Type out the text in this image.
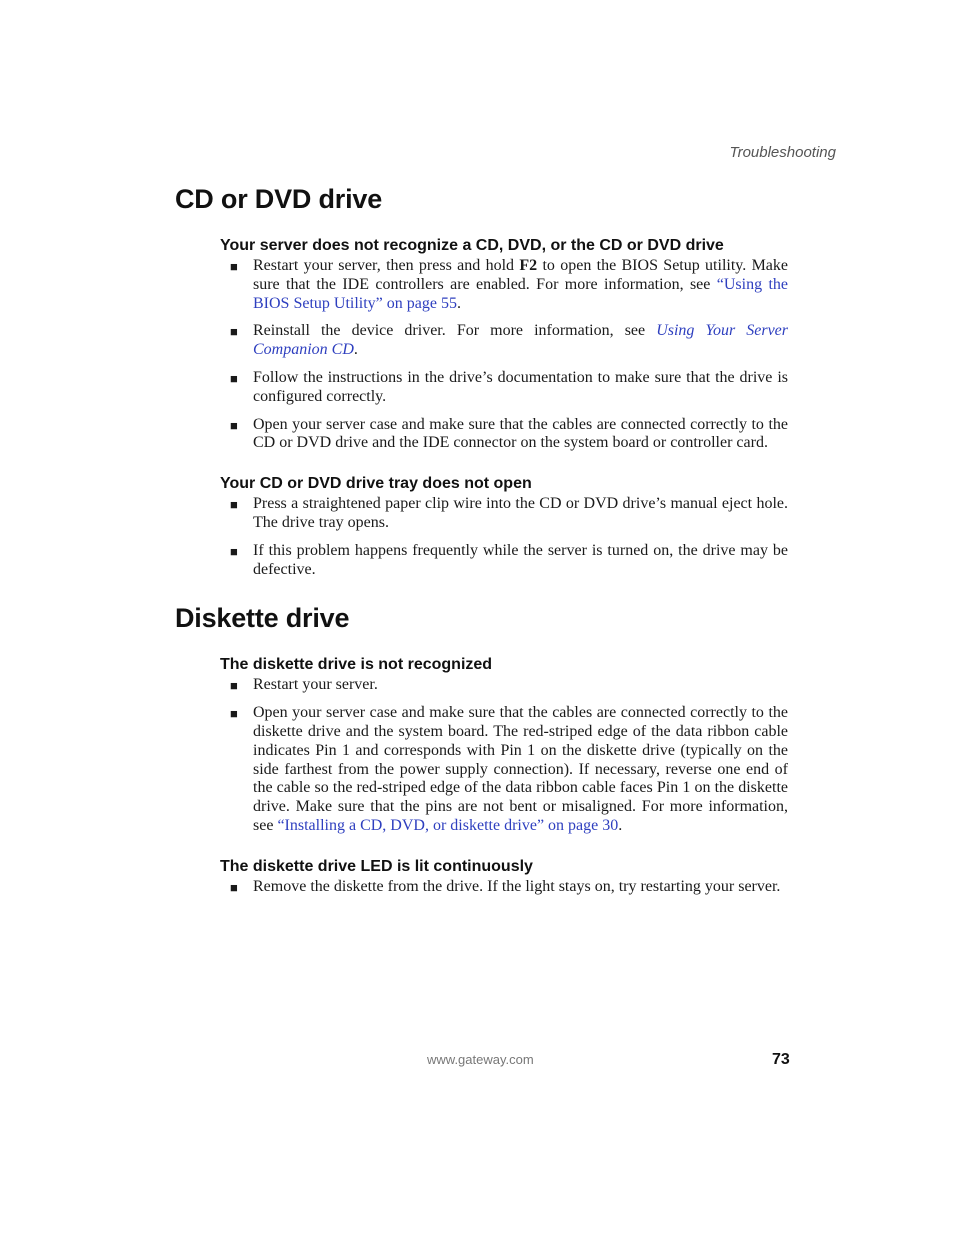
Troubleshooting
CD or DVD drive
Your server does not recognize a CD, DVD, or the CD or DVD drive
■ Restart your server, then press and hold F2 to open the BIOS Setup utility. Make sure that the IDE controllers are enabled. For more information, see “Using the BIOS Setup Utility” on page 55.
■ Reinstall the device driver. For more information, see Using Your Server Companion CD.
■ Follow the instructions in the drive’s documentation to make sure that the drive is configured correctly.
■ Open your server case and make sure that the cables are connected correctly to the CD or DVD drive and the IDE connector on the system board or controller card.
Your CD or DVD drive tray does not open
■ Press a straightened paper clip wire into the CD or DVD drive’s manual eject hole. The drive tray opens.
■ If this problem happens frequently while the server is turned on, the drive may be defective.
Diskette drive
The diskette drive is not recognized
■ Restart your server.
■ Open your server case and make sure that the cables are connected correctly to the diskette drive and the system board. The red-striped edge of the data ribbon cable indicates Pin 1 and corresponds with Pin 1 on the diskette drive (typically on the side farthest from the power supply connection). If necessary, reverse one end of the cable so the red-striped edge of the data ribbon cable faces Pin 1 on the diskette drive. Make sure that the pins are not bent or misaligned. For more information, see “Installing a CD, DVD, or diskette drive” on page 30.
The diskette drive LED is lit continuously
■ Remove the diskette from the drive. If the light stays on, try restarting your server.
www.gateway.com	73
